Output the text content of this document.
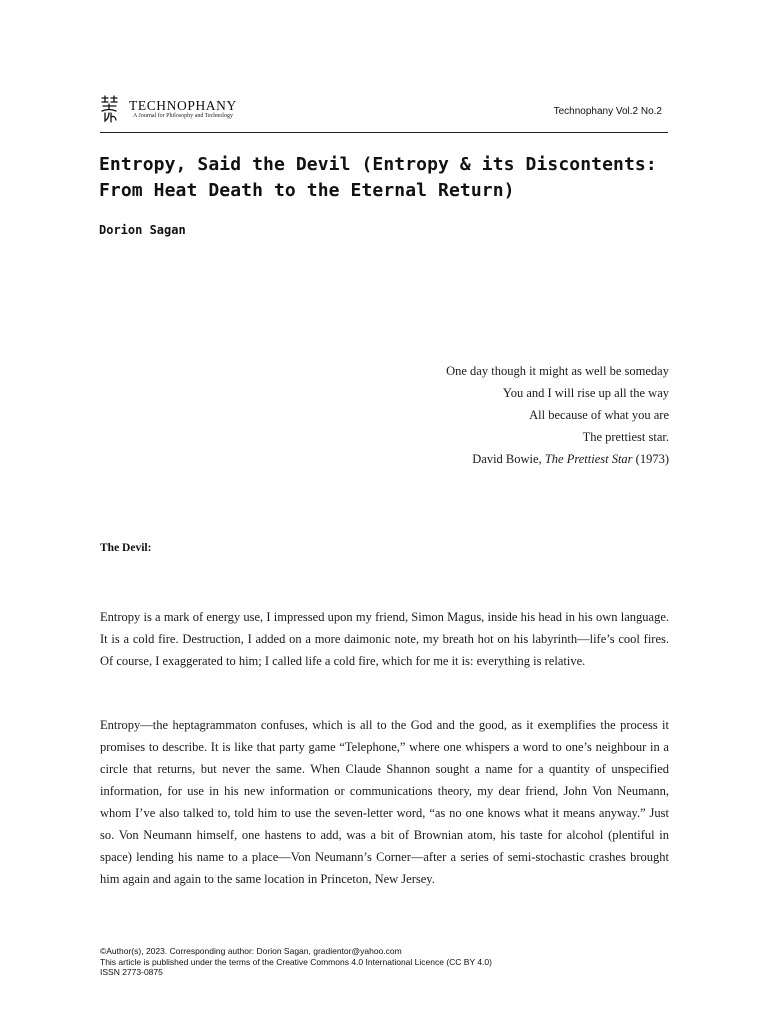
TECHNOPHANY
A Journal for Philosophy and Technology	Technophany Vol.2 No.2
Entropy, Said the Devil (Entropy & its Discontents: From Heat Death to the Eternal Return)
Dorion Sagan
One day though it might as well be someday
You and I will rise up all the way
All because of what you are
The prettiest star.
David Bowie, The Prettiest Star (1973)
The Devil:

Entropy is a mark of energy use, I impressed upon my friend, Simon Magus, inside his head in his own language. It is a cold fire. Destruction, I added on a more daimonic note, my breath hot on his labyrinth—life’s cool fires. Of course, I exaggerated to him; I called life a cold fire, which for me it is: everything is relative.

Entropy—the heptagrammaton confuses, which is all to the God and the good, as it exemplifies the process it promises to describe. It is like that party game “Telephone,” where one whispers a word to one’s neighbour in a circle that returns, but never the same. When Claude Shannon sought a name for a quantity of unspecified information, for use in his new information or communications theory, my dear friend, John Von Neumann, whom I’ve also talked to, told him to use the seven-letter word, “as no one knows what it means anyway.” Just so. Von Neumann himself, one hastens to add, was a bit of Brownian atom, his taste for alcohol (plentiful in space) lending his name to a place—Von Neumann’s Corner—after a series of semi-stochastic crashes brought him again and again to the same location in Princeton, New Jersey.

©Author(s), 2023. Corresponding author: Dorion Sagan, gradientor@yahoo.com
This article is published under the terms of the Creative Commons 4.0 International Licence (CC BY 4.0)
ISSN 2773-0875
